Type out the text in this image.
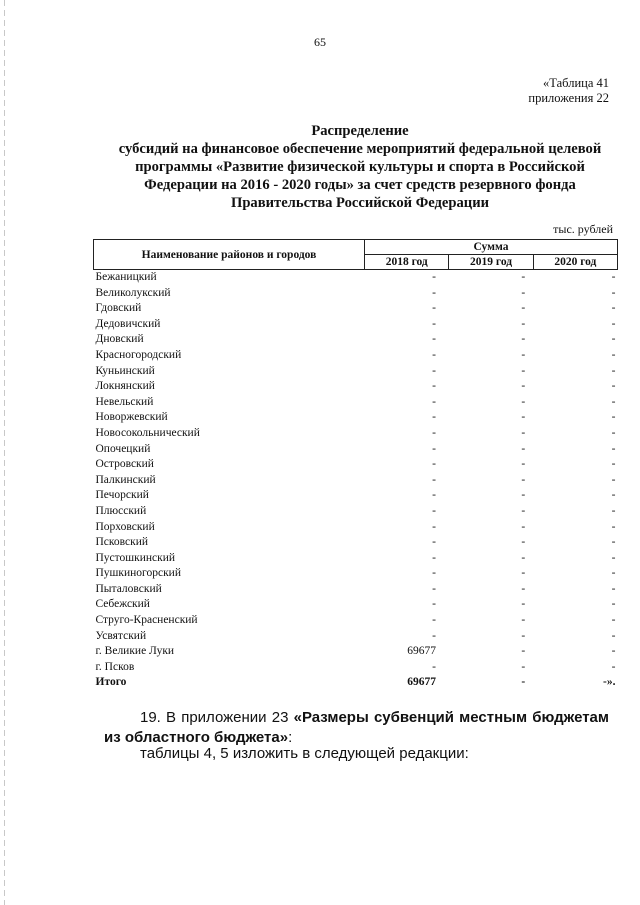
65
«Таблица 41
приложения 22
Распределение
субсидий на финансовое обеспечение мероприятий федеральной целевой
программы «Развитие физической культуры и спорта в Российской
Федерации на 2016 - 2020 годы» за счет средств резервного фонда
Правительства Российской Федерации
тыс. рублей
Наименование районов и городов	Сумма		
	2018 год	2019 год	2020 год
Бежаницкий	-	-	-
Великолукский	-	-	-
Гдовский	-	-	-
Дедовичский	-	-	-
Дновский	-	-	-
Красногородский	-	-	-
Куньинский	-	-	-
Локнянский	-	-	-
Невельский	-	-	-
Новоржевский	-	-	-
Новосокольнический	-	-	-
Опочецкий	-	-	-
Островский	-	-	-
Палкинский	-	-	-
Печорский	-	-	-
Плюсский	-	-	-
Порховский	-	-	-
Псковский	-	-	-
Пустошкинский	-	-	-
Пушкиногорский	-	-	-
Пыталовский	-	-	-
Себежский	-	-	-
Струго-Красненский	-	-	-
Усвятский	-	-	-
г. Великие Луки	69677	-	-
г. Псков	-	-	-
Итого	69677	-	-».
19. В приложении 23 «Размеры субвенций местным бюджетам из областного бюджета»:
таблицы 4, 5 изложить в следующей редакции:
